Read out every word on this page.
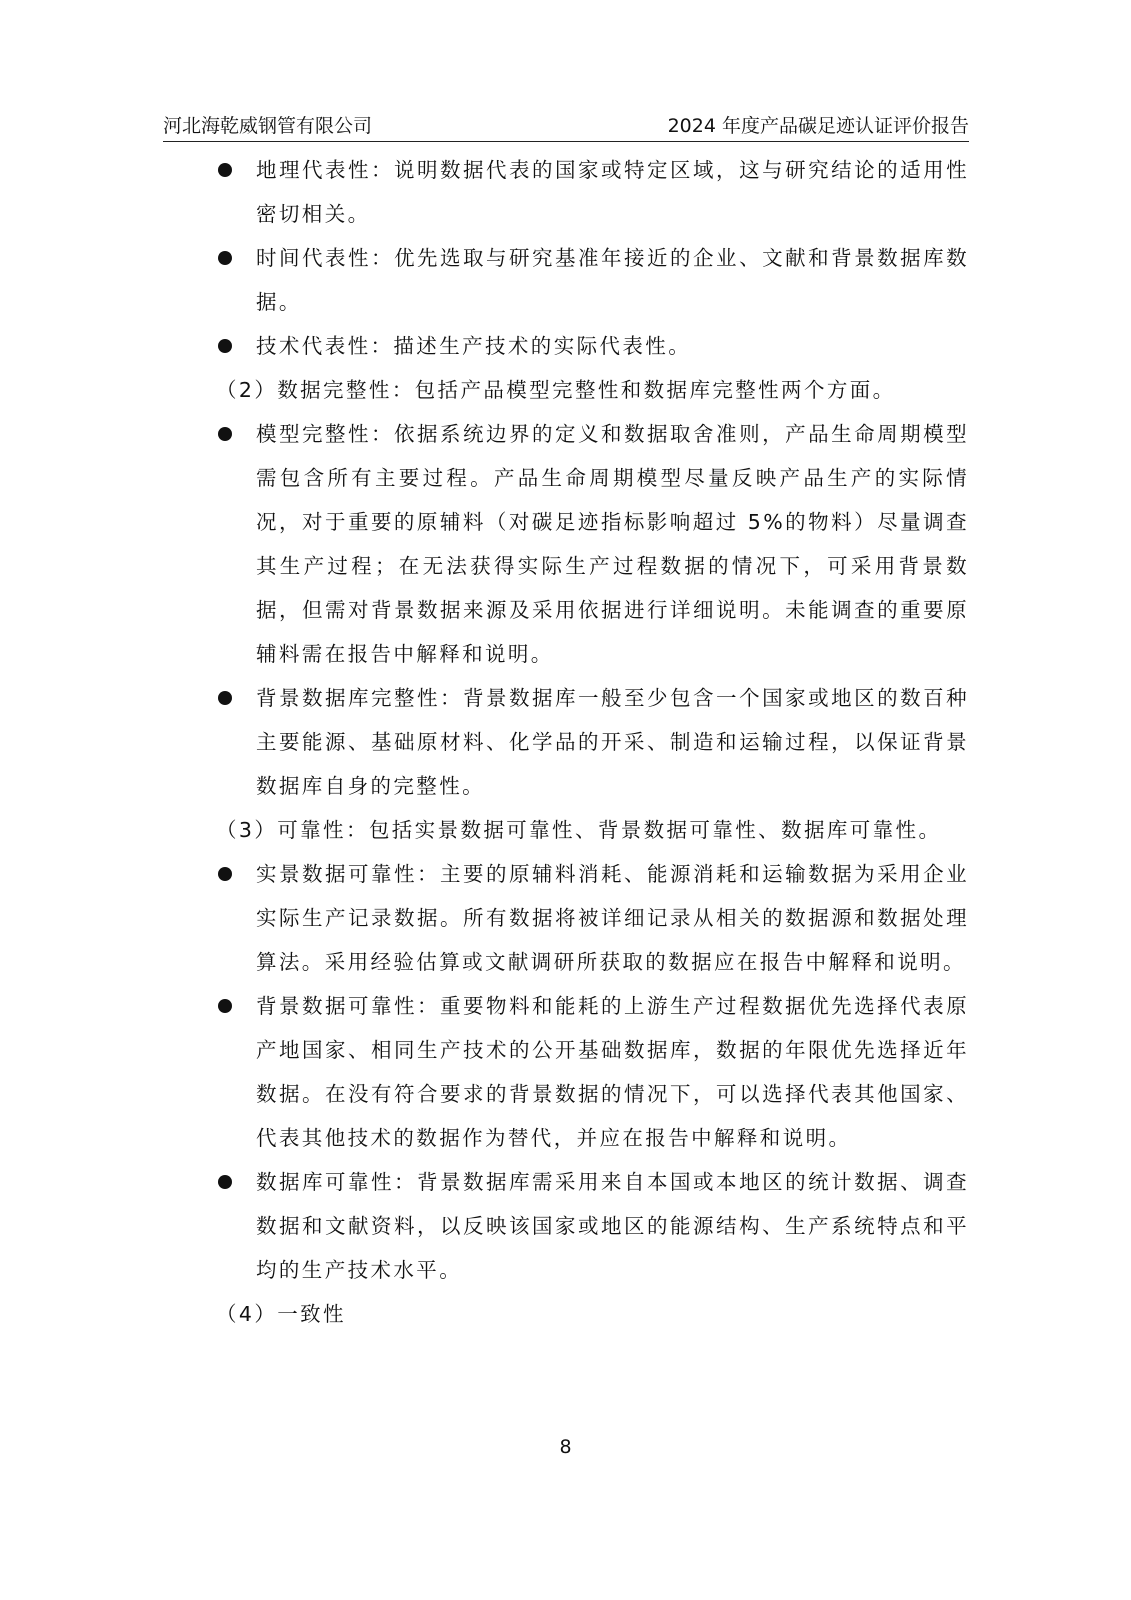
河北海乾威钢管有限公司	2024 年度产品碳足迹认证评价报告

地理代表性：说明数据代表的国家或特定区域，这与研究结论的适用性密切相关。

时间代表性：优先选取与研究基准年接近的企业、文献和背景数据库数据。

技术代表性：描述生产技术的实际代表性。

（2）数据完整性：包括产品模型完整性和数据库完整性两个方面。

模型完整性：依据系统边界的定义和数据取舍准则，产品生命周期模型需包含所有主要过程。产品生命周期模型尽量反映产品生产的实际情况，对于重要的原辅料（对碳足迹指标影响超过 5%的物料）尽量调查其生产过程；在无法获得实际生产过程数据的情况下，可采用背景数据，但需对背景数据来源及采用依据进行详细说明。未能调查的重要原辅料需在报告中解释和说明。

背景数据库完整性：背景数据库一般至少包含一个国家或地区的数百种主要能源、基础原材料、化学品的开采、制造和运输过程，以保证背景数据库自身的完整性。

（3）可靠性：包括实景数据可靠性、背景数据可靠性、数据库可靠性。

实景数据可靠性：主要的原辅料消耗、能源消耗和运输数据为采用企业实际生产记录数据。所有数据将被详细记录从相关的数据源和数据处理算法。采用经验估算或文献调研所获取的数据应在报告中解释和说明。

背景数据可靠性：重要物料和能耗的上游生产过程数据优先选择代表原产地国家、相同生产技术的公开基础数据库，数据的年限优先选择近年数据。在没有符合要求的背景数据的情况下，可以选择代表其他国家、代表其他技术的数据作为替代，并应在报告中解释和说明。

数据库可靠性：背景数据库需采用来自本国或本地区的统计数据、调查数据和文献资料，以反映该国家或地区的能源结构、生产系统特点和平均的生产技术水平。

（4）一致性

8
